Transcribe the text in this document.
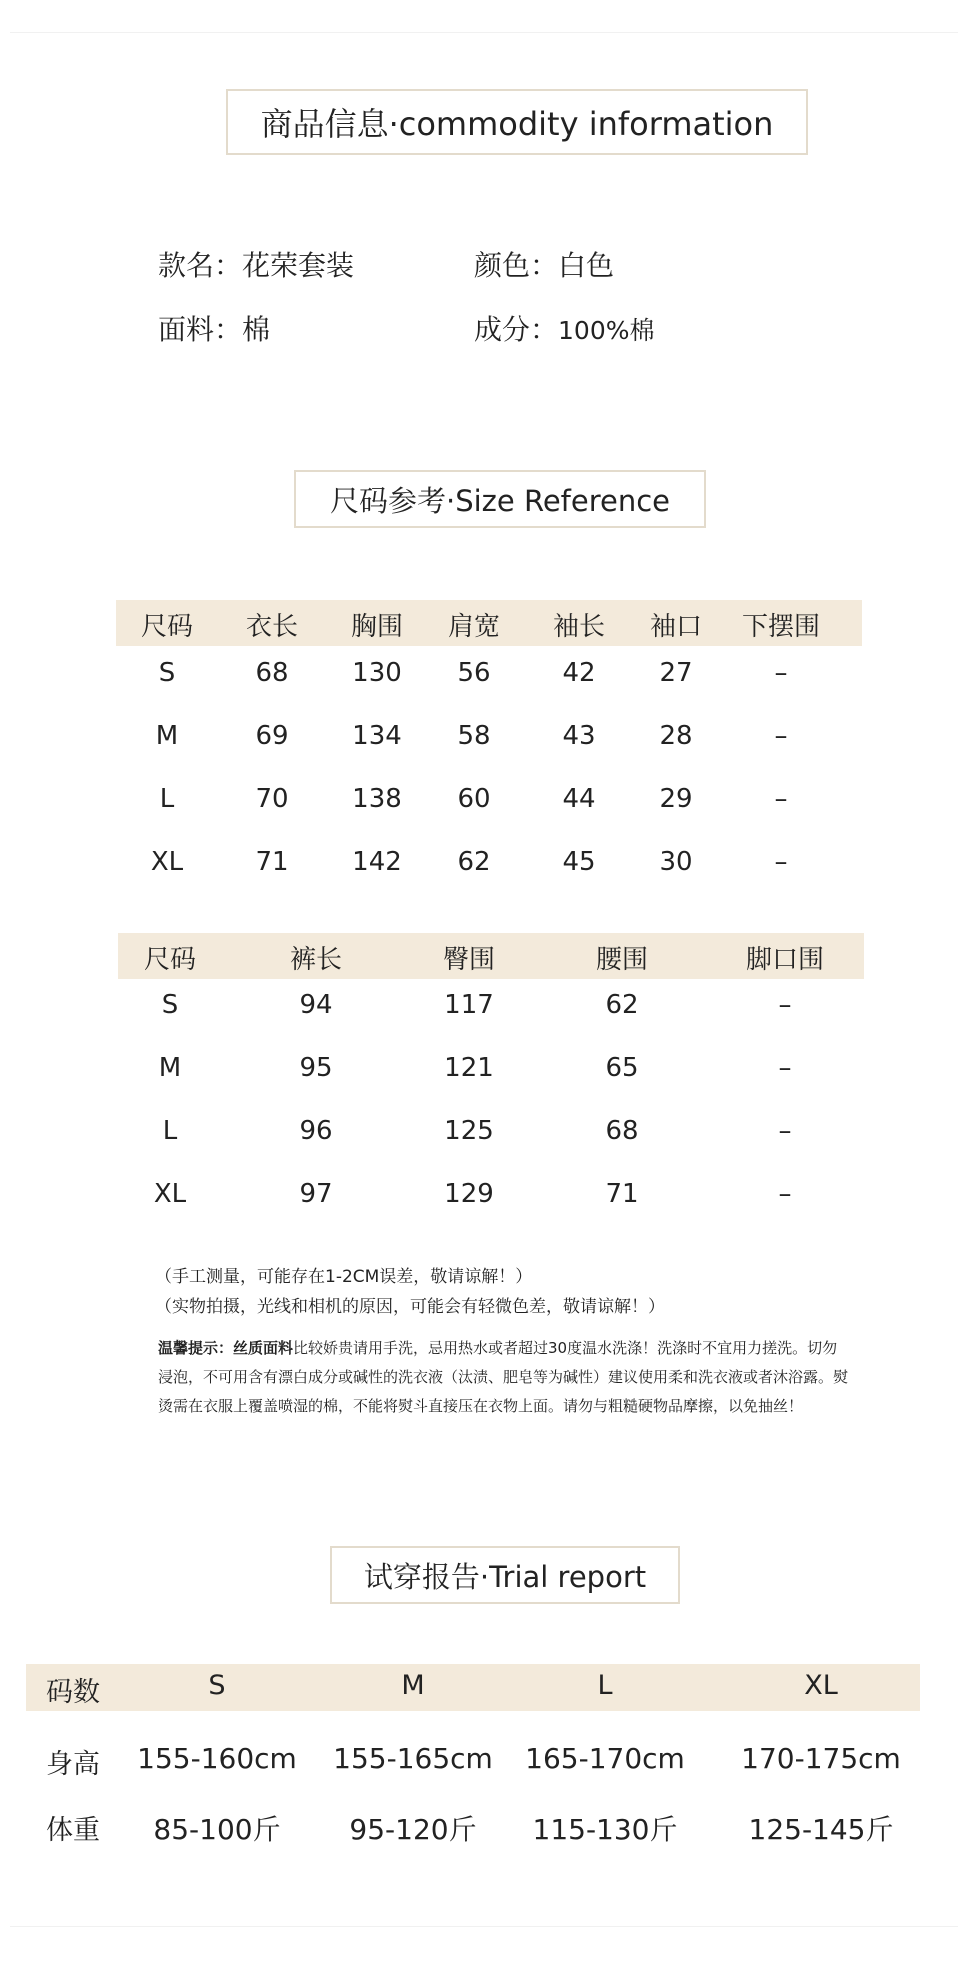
商品信息·commodity information
款名：花荣套装	颜色：白色
面料：棉	成分：100%棉
尺码参考·Size Reference
尺码	衣长	胸围	肩宽	袖长	袖口	下摆围
S	68	130	56	42	27	–
M	69	134	58	43	28	–
L	70	138	60	44	29	–
XL	71	142	62	45	30	–
尺码	裤长	臀围	腰围	脚口围
S	94	117	62	–
M	95	121	65	–
L	96	125	68	–
XL	97	129	71	–
（手工测量，可能存在1-2CM误差，敬请谅解！）
（实物拍摄，光线和相机的原因，可能会有轻微色差，敬请谅解！）
温馨提示：丝质面料比较娇贵请用手洗，忌用热水或者超过30度温水洗涤！洗涤时不宜用力搓洗。切勿浸泡，不可用含有漂白成分或碱性的洗衣液（汰渍、肥皂等为碱性）建议使用柔和洗衣液或者沐浴露。熨烫需在衣服上覆盖喷湿的棉，不能将熨斗直接压在衣物上面。请勿与粗糙硬物品摩擦，以免抽丝！
试穿报告·Trial report
码数	S	M	L	XL
身高	155-160cm 155-165cm 165-170cm 170-175cm
体重	85-100斤	95-120斤	115-130斤	125-145斤
